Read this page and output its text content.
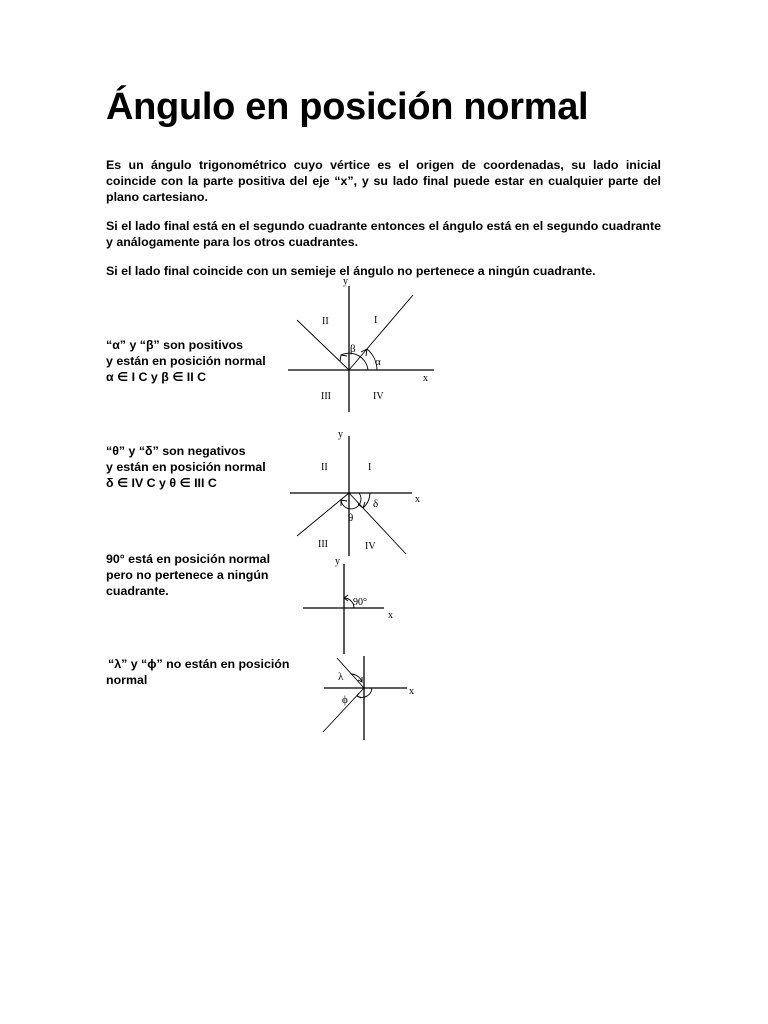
Ángulo en posición normal

Es un ángulo trigonométrico cuyo vértice es el origen de coordenadas, su lado inicial coincide con la parte positiva del eje “x”, y su lado final puede estar en cualquier parte del plano cartesiano.

Si el lado final está en el segundo cuadrante entonces el ángulo está en el segundo cuadrante y análogamente para los otros cuadrantes.

Si el lado final coincide con un semieje el ángulo no pertenece a ningún cuadrante.

“α” y “β” son positivos
y están en posición normal
α ∈ I C y β ∈ II C
y
x
I
II
III	IV
α
β
“θ” y “δ” son negativos
y están en posición normal
δ ∈ IV C y θ ∈ III C
y
x
I
II
III	IV
δ
θ
90° está en posición normal
pero no pertenece a ningún
cuadrante.
y
x
90°
“λ” y “ϕ” no están en posición
normal
x
λ
ϕ
